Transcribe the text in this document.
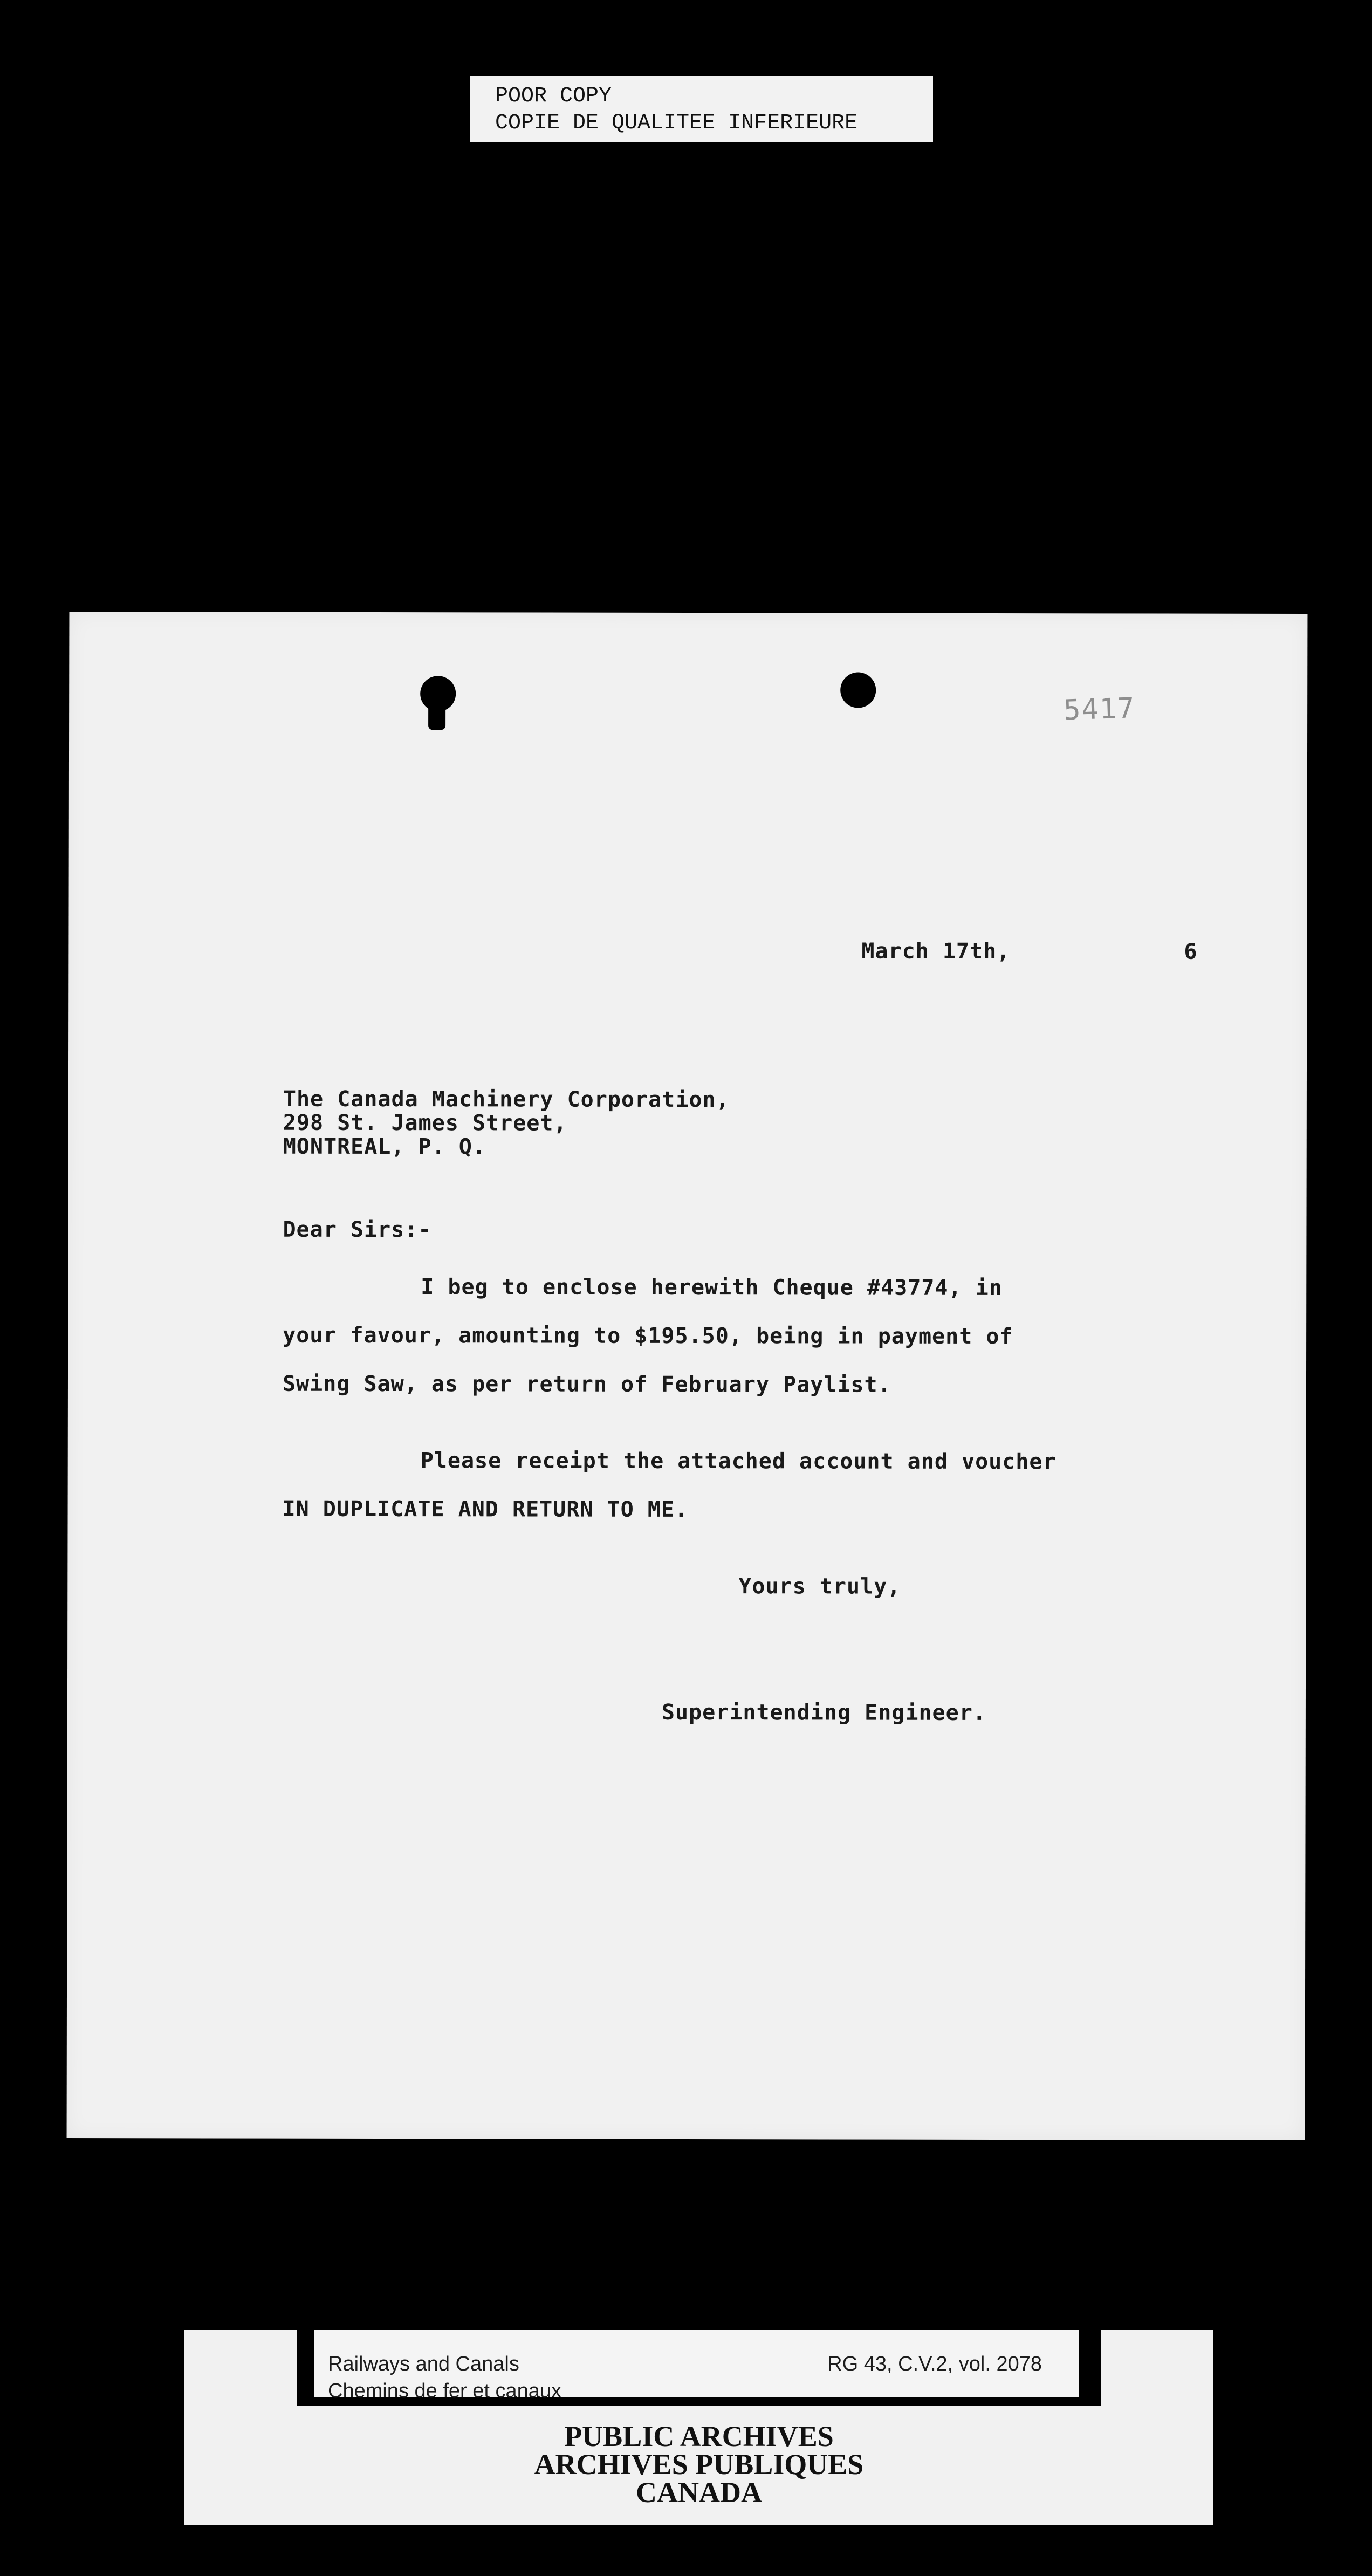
POOR COPY
COPIE DE QUALITEE INFERIEURE
5417
March 17th,	6
The Canada Machinery Corporation,
298 St. James Street,
MONTREAL, P. Q.
Dear Sirs:-
I beg to enclose herewith Cheque #43774, in
your favour, amounting to $195.50, being in payment of
Swing Saw, as per return of February Paylist.
Please receipt the attached account and voucher
IN DUPLICATE AND RETURN TO ME.
Yours truly,
Superintending Engineer.
Railways and Canals
Chemins de fer et canaux
RG 43, C.V.2, vol. 2078
PUBLIC ARCHIVES
ARCHIVES PUBLIQUES
CANADA
